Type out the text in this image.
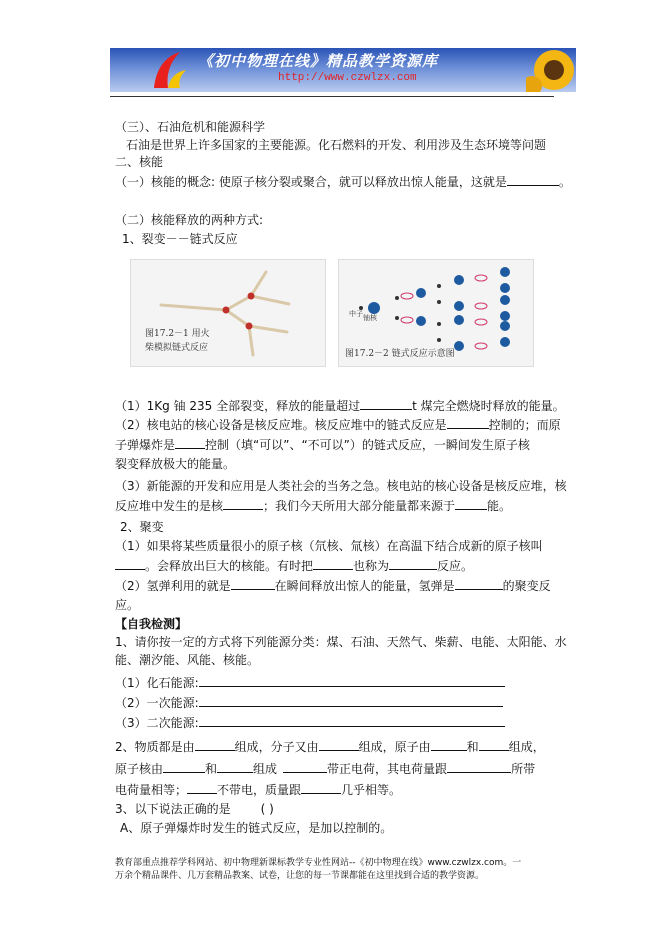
《初中物理在线》精品教学资源库
http://www.czwlzx.com
（三）、石油危机和能源科学
石油是世界上许多国家的主要能源。化石燃料的开发、利用涉及生态环境等问题
二、核能
（一）核能的概念: 使原子核分裂或聚合，就可以释放出惊人能量，这就是	。
（二）核能释放的两种方式:
1、裂变－－链式反应
图17.2－1 用火
柴模拟链式反应
中子 铀核
图17.2－2 链式反应示意图
（1）1Kg 铀 235 全部裂变，释放的能量超过	t 煤完全燃烧时释放的能量。
（2）核电站的核心设备是核反应堆。核反应堆中的链式反应是	控制的；而原
子弹爆炸是	控制（填“可以”、“不可以”）的链式反应，一瞬间发生原子核
裂变释放极大的能量。
（3）新能源的开发和应用是人类社会的当务之急。核电站的核心设备是核反应堆，核
反应堆中发生的是核	；我们今天所用大部分能量都来源于	能。
2、聚变
（1）如果将某些质量很小的原子核（氘核、氚核）在高温下结合成新的原子核叫
。会释放出巨大的核能。有时把	也称为	反应。
（2）氢弹利用的就是	在瞬间释放出惊人的能量，氢弹是	的聚变反
应。
【自我检测】
1、请你按一定的方式将下列能源分类：煤、石油、天然气、柴薪、电能、太阳能、水
能、潮汐能、风能、核能。
（1）化石能源:
（2）一次能源:
（3）二次能源:
2、物质都是由	组成，分子又由	组成，原子由	和	组成，
原子核由	和	组成	带正电荷，其电荷量跟	所带
电荷量相等；	不带电，质量跟	几乎相等。
3、以下说法正确的是	( )
A、原子弹爆炸时发生的链式反应，是加以控制的。
教育部重点推荐学科网站、初中物理新课标教学专业性网站--《初中物理在线》www.czwlzx.com。一
万余个精品课件、几万套精品教案、试卷，让您的每一节课都能在这里找到合适的教学资源。
